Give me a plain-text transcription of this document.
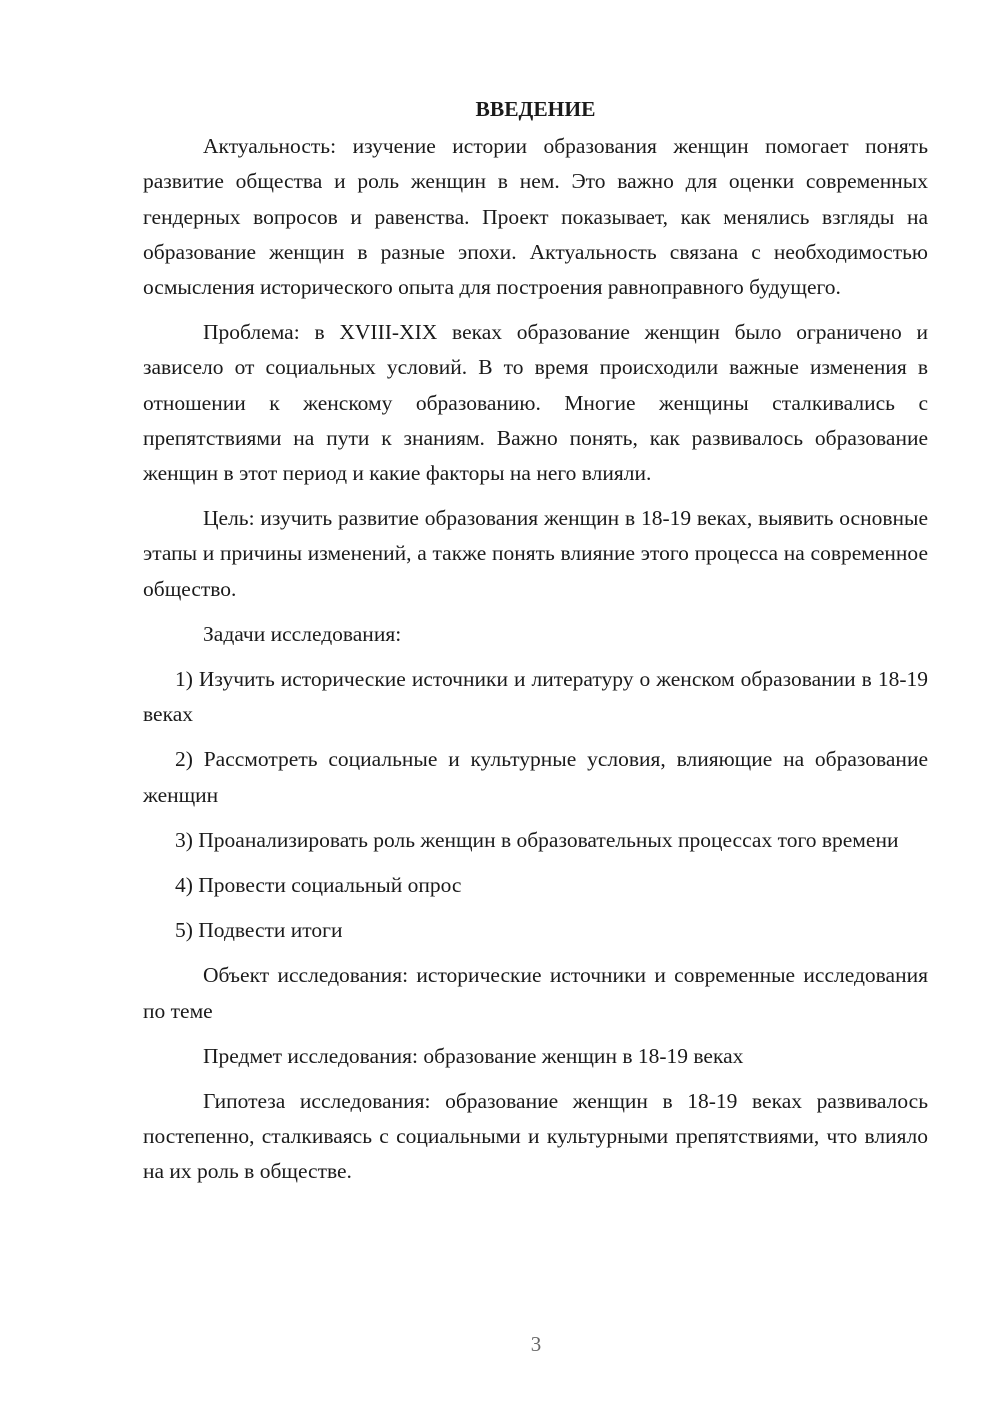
ВВЕДЕНИЕ

Актуальность: изучение истории образования женщин помогает понять развитие общества и роль женщин в нем. Это важно для оценки современных гендерных вопросов и равенства. Проект показывает, как менялись взгляды на образование женщин в разные эпохи. Актуальность связана с необходимостью осмысления исторического опыта для построения равноправного будущего.

Проблема: в XVIII-XIX веках образование женщин было ограничено и зависело от социальных условий. В то время происходили важные изменения в отношении к женскому образованию. Многие женщины сталкивались с препятствиями на пути к знаниям. Важно понять, как развивалось образование женщин в этот период и какие факторы на него влияли.

Цель: изучить развитие образования женщин в 18-19 веках, выявить основные этапы и причины изменений, а также понять влияние этого процесса на современное общество.

Задачи исследования:

1) Изучить исторические источники и литературу о женском образовании в 18-19 веках

2) Рассмотреть социальные и культурные условия, влияющие на образование женщин

3) Проанализировать роль женщин в образовательных процессах того времени

4) Провести социальный опрос

5) Подвести итоги

Объект исследования: исторические источники и современные исследования по теме

Предмет исследования: образование женщин в 18-19 веках

Гипотеза исследования: образование женщин в 18-19 веках развивалось постепенно, сталкиваясь с социальными и культурными препятствиями, что влияло на их роль в обществе.

3
